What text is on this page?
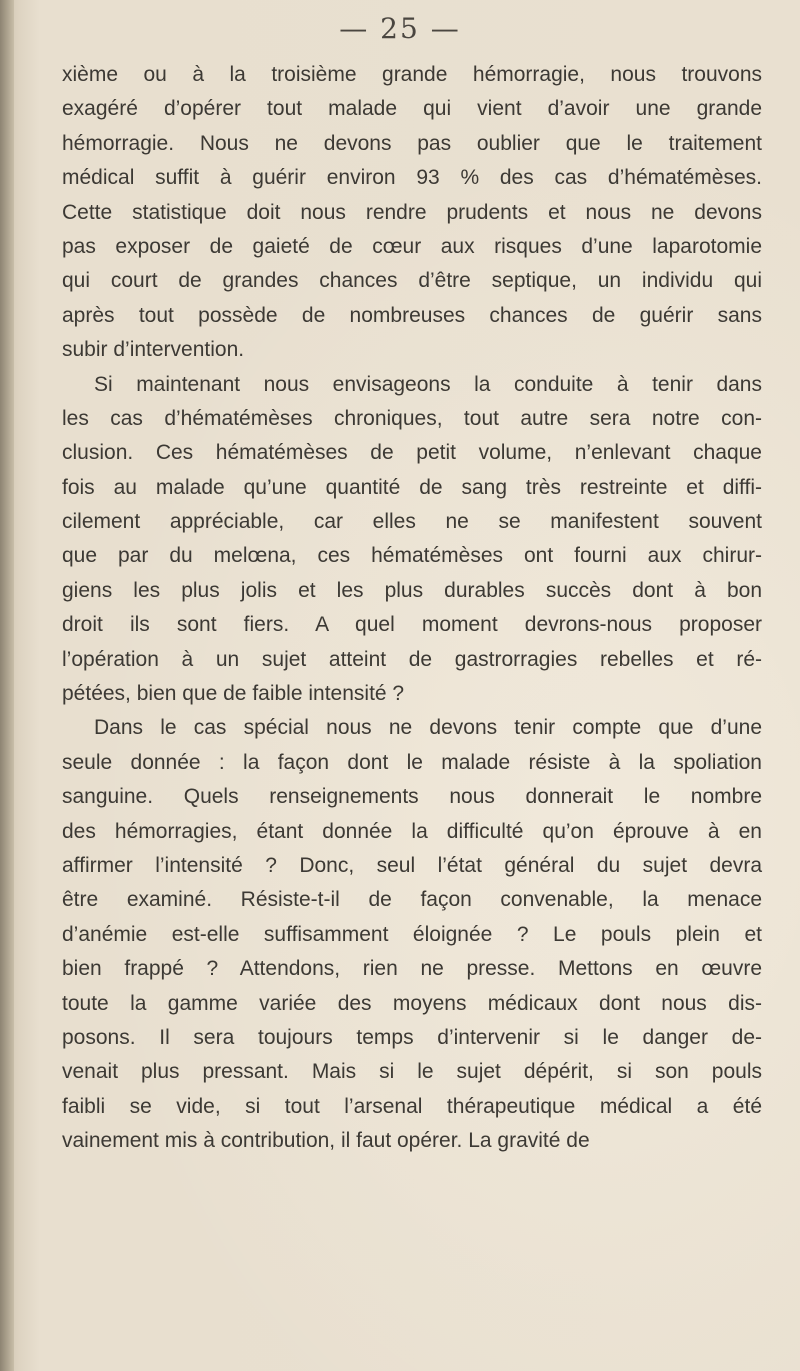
— 25 —
xième ou à la troisième grande hémorragie, nous trouvons
exagéré d’opérer tout malade qui vient d’avoir une grande
hémorragie. Nous ne devons pas oublier que le traitement
médical suffit à guérir environ 93 % des cas d’hématémèses.
Cette statistique doit nous rendre prudents et nous ne devons
pas exposer de gaieté de cœur aux risques d’une laparotomie
qui court de grandes chances d’être septique, un individu qui
après tout possède de nombreuses chances de guérir sans
subir d’intervention.
Si maintenant nous envisageons la conduite à tenir dans
les cas d’hématémèses chroniques, tout autre sera notre con-
clusion. Ces hématémèses de petit volume, n’enlevant chaque
fois au malade qu’une quantité de sang très restreinte et diffi-
cilement appréciable, car elles ne se manifestent souvent
que par du melœna, ces hématémèses ont fourni aux chirur-
giens les plus jolis et les plus durables succès dont à bon
droit ils sont fiers. A quel moment devrons-nous proposer
l’opération à un sujet atteint de gastrorragies rebelles et ré-
pétées, bien que de faible intensité ?
Dans le cas spécial nous ne devons tenir compte que d’une
seule donnée : la façon dont le malade résiste à la spoliation
sanguine. Quels renseignements nous donnerait le nombre
des hémorragies, étant donnée la difficulté qu’on éprouve à en
affirmer l’intensité ? Donc, seul l’état général du sujet devra
être examiné. Résiste-t-il de façon convenable, la menace
d’anémie est-elle suffisamment éloignée ? Le pouls plein et
bien frappé ? Attendons, rien ne presse. Mettons en œuvre
toute la gamme variée des moyens médicaux dont nous dis-
posons. Il sera toujours temps d’intervenir si le danger de-
venait plus pressant. Mais si le sujet dépérit, si son pouls
faibli se vide, si tout l’arsenal thérapeutique médical a été
vainement mis à contribution, il faut opérer. La gravité de
